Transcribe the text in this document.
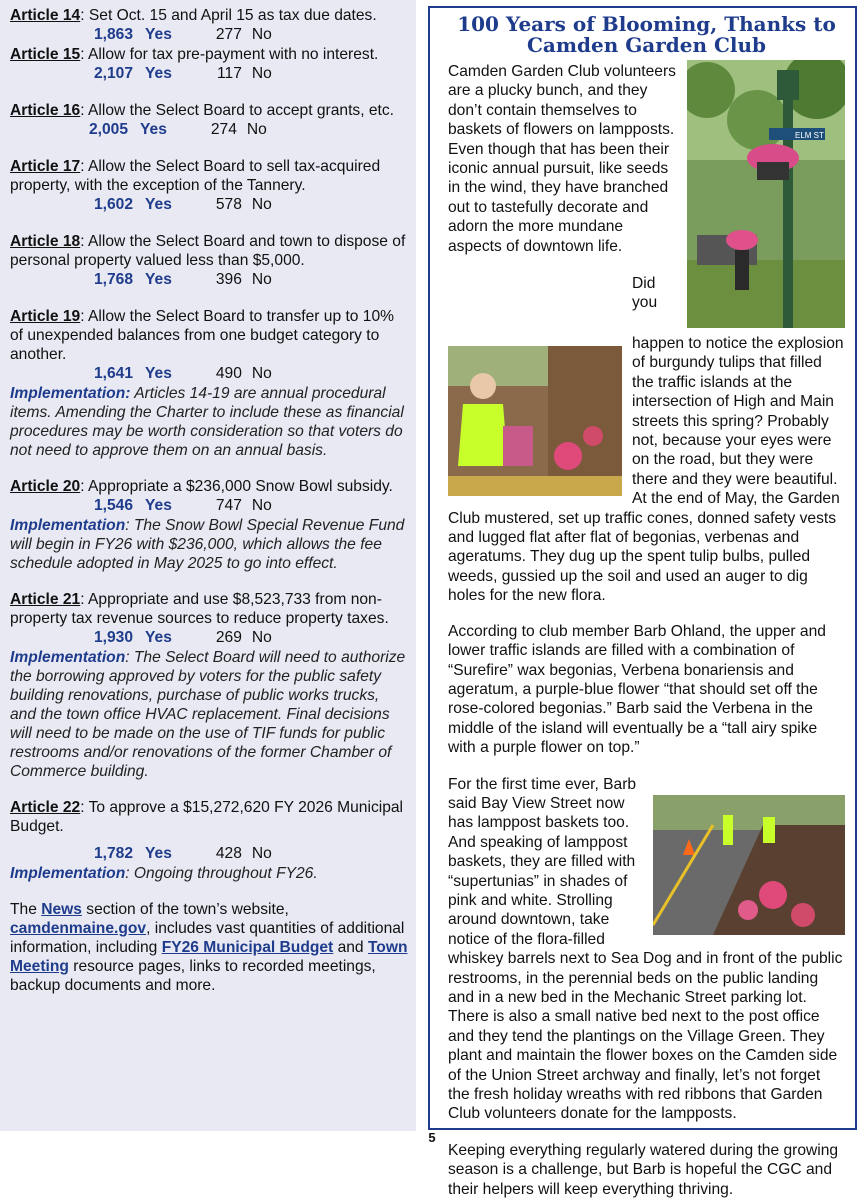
Article 14: Set Oct. 15 and April 15 as tax due dates.

1,863 Yes	277 No

Article 15: Allow for tax pre-payment with no interest.

2,107 Yes	117 No

Article 16: Allow the Select Board to accept grants, etc.

2,005 Yes	274 No

Article 17: Allow the Select Board to sell tax-acquired property, with the exception of the Tannery.

1,602 Yes	578 No

Article 18: Allow the Select Board and town to dispose of personal property valued less than $5,000.

1,768 Yes	396 No

Article 19: Allow the Select Board to transfer up to 10% of unexpended balances from one budget category to another.

1,641 Yes	490 No

Implementation: Articles 14-19 are annual procedural items. Amending the Charter to include these as financial procedures may be worth consideration so that voters do not need to approve them on an annual basis.

Article 20: Appropriate a $236,000 Snow Bowl subsidy.

1,546 Yes	747 No

Implementation: The Snow Bowl Special Revenue Fund will begin in FY26 with $236,000, which allows the fee schedule adopted in May 2025 to go into effect.

Article 21: Appropriate and use $8,523,733 from non-property tax revenue sources to reduce property taxes.

1,930 Yes	269 No

Implementation: The Select Board will need to authorize the borrowing approved by voters for the public safety building renovations, purchase of public works trucks, and the town office HVAC replacement. Final decisions will need to be made on the use of TIF funds for public restrooms and/or renovations of the former Chamber of Commerce building.

Article 22: To approve a $15,272,620 FY 2026 Municipal Budget.

1,782 Yes	428 No

Implementation: Ongoing throughout FY26.

The News section of the town’s website, camdenmaine.gov, includes vast quantities of additional information, including FY26 Municipal Budget and Town Meeting resource pages, links to recorded meetings, backup documents and more.

100 Years of Blooming, Thanks to Camden Garden Club
ELM ST

Camden Garden Club volunteers are a plucky bunch, and they don’t contain themselves to baskets of flowers on lampposts. Even though that has been their iconic annual pursuit, like seeds in the wind, they have branched out to tastefully decorate and adorn the more mundane aspects of downtown life.

Did you happen to notice the explosion of burgundy tulips that filled the traffic islands at the intersection of High and Main streets this spring? Probably not, because your eyes were on the road, but they were there and they were beautiful. At the end of May, the Garden Club mustered, set up traffic cones, donned safety vests and lugged flat after flat of begonias, verbenas and ageratums. They dug up the spent tulip bulbs, pulled weeds, gussied up the soil and used an auger to dig holes for the new flora.

According to club member Barb Ohland, the upper and lower traffic islands are filled with a combination of “Surefire” wax begonias, Verbena bonariensis and ageratum, a purple-blue flower “that should set off the rose-colored begonias.” Barb said the Verbena in the middle of the island will eventually be a “tall airy spike with a purple flower on top.”

For the first time ever, Barb said Bay View Street now has lamppost baskets too. And speaking of lamppost baskets, they are filled with “supertunias” in shades of pink and white. Strolling around downtown, take notice of the flora-filled whiskey barrels next to Sea Dog and in front of the public restrooms, in the perennial beds on the public landing and in a new bed in the Mechanic Street parking lot. There is also a small native bed next to the post office and they tend the plantings on the Village Green. They plant and maintain the flower boxes on the Camden side of the Union Street archway and finally, let’s not forget the fresh holiday wreaths with red ribbons that Garden Club volunteers donate for the lampposts.

Keeping everything regularly watered during the growing season is a challenge, but Barb is hopeful the CGC and their helpers will keep everything thriving.

5
